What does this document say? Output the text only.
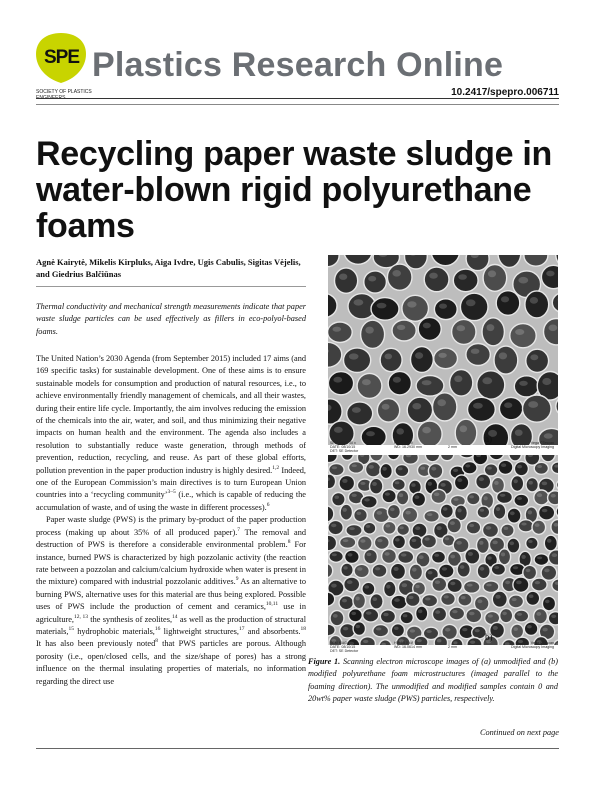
SPE
SOCIETY OF PLASTICS ENGINEERS
Plastics Research Online
10.2417/spepro.006711
Recycling paper waste sludge in water-blown rigid polyurethane foams
Agnė Kairytė, Mikelis Kirpluks, Aiga Ivdre, Ugis Cabulis, Sigitas Vėjelis, and Giedrius Balčiūnas
Thermal conductivity and mechanical strength measurements indicate that paper waste sludge particles can be used effectively as fillers in eco-polyol-based foams.

The United Nation’s 2030 Agenda (from September 2015) included 17 aims (and 169 specific tasks) for sustainable development. One of these aims is to ensure sustainable models for consumption and production of natural resources, i.e., to achieve environmentally friendly management of chemicals, and all their wastes, during their entire life cycle. Importantly, the aim involves reducing the emission of the chemicals into the air, water, and soil, and thus minimizing their negative impacts on human health and the environment. The agenda also includes a resolution to substantially reduce waste generation, through methods of prevention, reduction, recycling, and reuse. As part of these global efforts, pollution prevention in the paper production industry is highly desired.$^{1,2}$ Indeed, one of the European Commission’s main directives is to turn European Union countries into a ‘recycling community’$^{3-5}$ (i.e., which is capable of reducing the accumulation of waste, and of using the waste in different processes).$^6$

Paper waste sludge (PWS) is the primary by-product of the paper production process (making up about 35% of all produced paper).$^7$ The removal and destruction of PWS is therefore a considerable environmental problem.$^8$ For instance, burned PWS is characterized by high pozzolanic activity (the reaction rate between a pozzolan and calcium/calcium hydroxide when water is present in the mixture) compared with industrial pozzolanic additives.$^9$ As an alternative to burning PWS, alternative uses for this material are thus being explored. Possible uses of PWS include the production of cement and ceramics,$^{10,11}$ use in agriculture,$^{12, 13}$ the synthesis of zeolites,$^{14}$ as well as the production of structural materials,$^{15}$ hydrophobic materials,$^{16}$ lightweight structures,$^{17}$ and absorbents.$^{18}$ It has also been previously noted$^8$ that PWS particles are porous. Although porosity (i.e., open/closed cells, and the size/shape of pores) has a strong influence on the thermal insulating properties of materials, no information regarding the direct use

SEM MAG: 30 x
DATE: 08/10/15
DET: SE Detector
HV: 15.0 kV
WD: 16.2930 mm	2 mm
Vega ©Tescan
Digital Microscopy Imaging
a)
SEM MAG: 30 x
DATE: 08/10/15
DET: SE Detector
HV: 15.0 kV
WD: 16.0614 mm	2 mm
Vega ©Tescan
Digital Microscopy Imaging
b)
Figure 1. Scanning electron microscope images of (a) unmodified and (b) modified polyurethane foam microstructures (imaged parallel to the foaming direction). The unmodified and modified samples contain 0 and 20wt% paper waste sludge (PWS) particles, respectively.
Continued on next page
